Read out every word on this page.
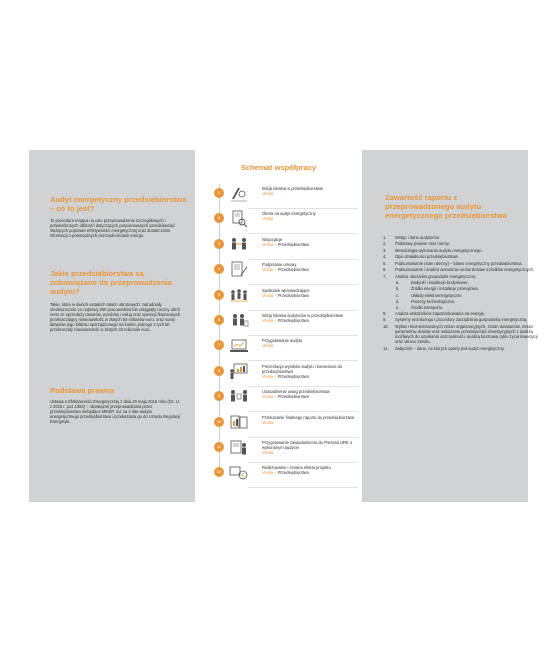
Audyt energetyczny przedsiębiorstwa – co to jest?

To procedura mająca na celu przeprowadzenie szczegółowych i potwierdzonych obliczeń dotyczących proponowanych przedsięwzięć służących poprawie efektywności energetycznej oraz dostarczenie informacji o potencjalnych oszczędnościach energii.

Jakie przedsiębiorstwa są zobowiązane do przeprowadzenia audytu?

Takie, które w dwóch ostatnich latach obrotowych: zatrudniały średniorocznie co najmniej 250 pracowników lub osiągnęły roczny obrót netto ze sprzedaży towarów, wyrobów i usług oraz operacji finansowych przekraczający równowartość w złotych 50 milionów euro, oraz sumy aktywów jego bilansu sporządzonego na koniec jednego z tych lat przekraczały równowartość w złotych 43 milionów euro.

Podstawa prawna

Ustawa o Efektywności Energetycznej z dnia 20 maja 2016 roku (Dz. U. z 2015 r. poz.1392) – obowiązek przeprowadzania przez przedsiębiorstwo niebędące MMŚP, raz na 4 lata audytu energetycznego przedsiębiorstwa i przekazania go do Urzędu Regulacji Energetyki.

Schemat współpracy
1
Wizja lokalna w przedsiębiorstwie
Veolia
2
Oferta na audyt energetyczny
Veolia
3
Negocjacje
Veolia + Przedsiębiorstwo
4
Podpisanie umowy
Veolia + Przedsiębiorstwo
5
Spotkanie wprowadzające
Veolia + Przedsiębiorstwo
6
Wizja lokalna audytorów w przedsiębiorstwie
Veolia + Przedsiębiorstwo
7
Przygotowanie audytu
Veolia
8
Prezentacja wyników audytu i konsensus do przedsiębiorstwa
Veolia + Przedsiębiorstwo
9
Uzasadnienie uwag przedsiębiorstwa
Veolia + Przedsiębiorstwo
10
Przekazanie finalnego raportu do przedsiębiorstwa
Veolia
11
Przygotowanie zawiadomienia do Prezesa URE o wykonanym audycie
Veolia
12
$
Realizowanie i zmiana efektu projektu
Veolia + Przedsiębiorstwo
Zawartość raportu z przeprowadzonego audytu energetycznego przedsiębiorstwa
1. Wstęp i dane audytorów.
2. Podstawy prawne oraz normy.
3. Metodologia wykonania audytu energetycznego.
4. Opis działalności przedsiębiorstwa.
5. Podsumowanie (stan obecny) – bilans energetyczny przedsiębiorstwa.
6. Podsumowanie i analiza warunków umów dostaw nośników energetycznych.
7. Analiza obszarów gospodarki energetycznej:
a.	Budynki i instalacje budynkowe,
b.	Źródła energii i instalacje przesyłowe,
c.	Układy elektroenergetyczne,
d.	Procesy technologiczne,
e.	Środki transportu.
8. Analiza wskaźników zapotrzebowania na energię.
9. Systemy monitoringu i procedury zarządzania gospodarką energetyczną.
10. Wykaz rekomendowanych zmian organizacyjnych, zmian dostawców, zmian parametrów dostaw oraz wskazanie przedsięwzięć inwestycyjnych z analizą możliwych do uzyskania oszczędności, analizą kosztową cyklu życia inwestycji oraz okresu zwrotu.
11. Załącznik – dane, na których oparty jest audyt energetyczny.
